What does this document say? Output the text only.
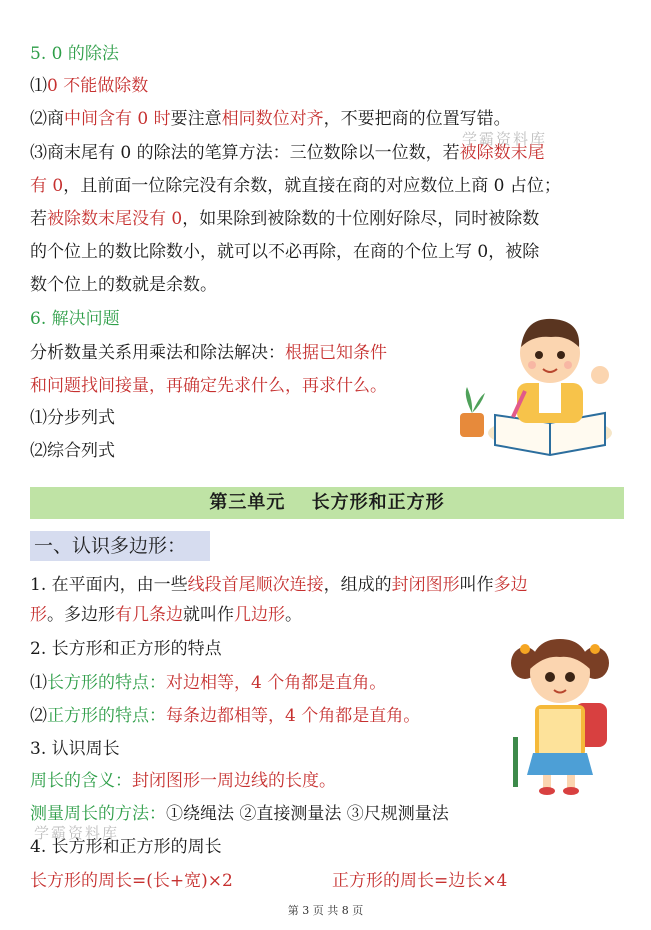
5. 0 的除法
⑴0 不能做除数
⑵商中间含有 0 时要注意相同数位对齐，不要把商的位置写错。
⑶商末尾有 0 的除法的笔算方法：三位数除以一位数，若被除数末尾
有 0，且前面一位除完没有余数，就直接在商的对应数位上商 0 占位；
若被除数末尾没有 0，如果除到被除数的十位刚好除尽，同时被除数
的个位上的数比除数小，就可以不必再除，在商的个位上写 0，被除
数个位上的数就是余数。
6. 解决问题
分析数量关系用乘法和除法解决：根据已知条件
和问题找间接量，再确定先求什么，再求什么。
⑴分步列式
⑵综合列式
第三单元　 长方形和正方形
一、认识多边形：
1. 在平面内，由一些线段首尾顺次连接，组成的封闭图形叫作多边
形。多边形有几条边就叫作几边形。
2. 长方形和正方形的特点
⑴长方形的特点：对边相等，4 个角都是直角。
⑵正方形的特点：每条边都相等，4 个角都是直角。
3. 认识周长
周长的含义：封闭图形一周边线的长度。
测量周长的方法：①绕绳法 ②直接测量法 ③尺规测量法
4. 长方形和正方形的周长
长方形的周长=(长+宽)×2	正方形的周长=边长×4
学霸资料库
学霸资料库
第 3 页 共 8 页
